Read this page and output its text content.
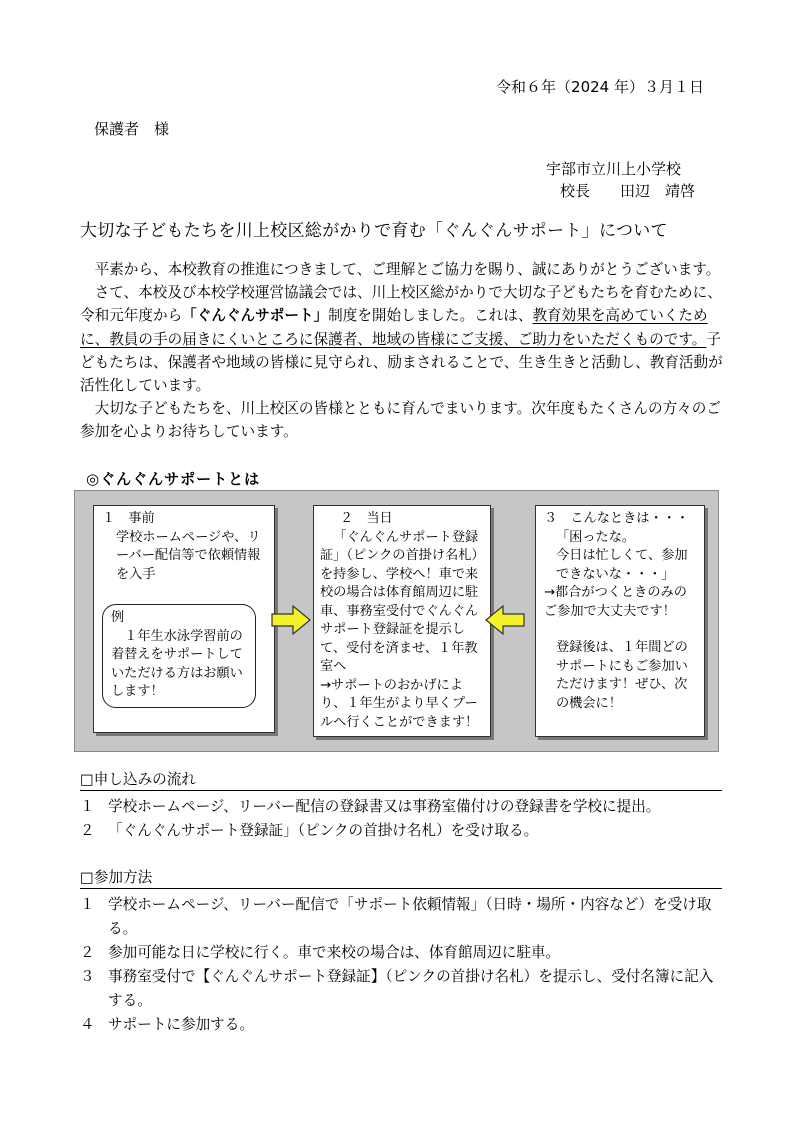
令和６年（2024 年）３月１日
保護者　様
宇部市立川上小学校
校長　　田辺　靖啓
大切な子どもたちを川上校区総がかりで育む「ぐんぐんサポート」について

平素から、本校教育の推進につきまして、ご理解とご協力を賜り、誠にありがとうございます。

さて、本校及び本校学校運営協議会では、川上校区総がかりで大切な子どもたちを育むために、令和元年度から「ぐんぐんサポート」制度を開始しました。これは、教育効果を高めていくために、教員の手の届きにくいところに保護者、地域の皆様にご支援、ご助力をいただくものです。子どもたちは、保護者や地域の皆様に見守られ、励まされることで、生き生きと活動し、教育活動が活性化しています。

大切な子どもたちを、川上校区の皆様とともに育んでまいります。次年度もたくさんの方々のご参加を心よりお待ちしています。

◎ぐんぐんサポートとは
１　事前
学校ホームページや、リーバー配信等で依頼情報を入手
例
１年生水泳学習前の着替えをサポートしていただける方はお願いします！
２　当日
「ぐんぐんサポート登録証」（ピンクの首掛け名札）を持参し、学校へ！車で来校の場合は体育館周辺に駐車、事務室受付でぐんぐんサポート登録証を提示して、受付を済ませ、１年教室へ
→サポートのおかげにより、１年生がより早くプールへ行くことができます！
３　こんなときは・・・
「困ったな。
今日は忙しくて、参加できないな・・・」
→都合がつくときのみのご参加で大丈夫です！
登録後は、１年間どのサポートにもご参加いただけます！ぜひ、次の機会に！
□申し込みの流れ
１ 学校ホームページ、リーバー配信の登録書又は事務室備付けの登録書を学校に提出。
２ 「ぐんぐんサポート登録証」（ピンクの首掛け名札）を受け取る。
□参加方法
１ 学校ホームページ、リーバー配信で「サポート依頼情報」（日時・場所・内容など）を受け取る。
２ 参加可能な日に学校に行く。車で来校の場合は、体育館周辺に駐車。
３ 事務室受付で【ぐんぐんサポート登録証】（ピンクの首掛け名札）を提示し、受付名簿に記入する。
４ サポートに参加する。
